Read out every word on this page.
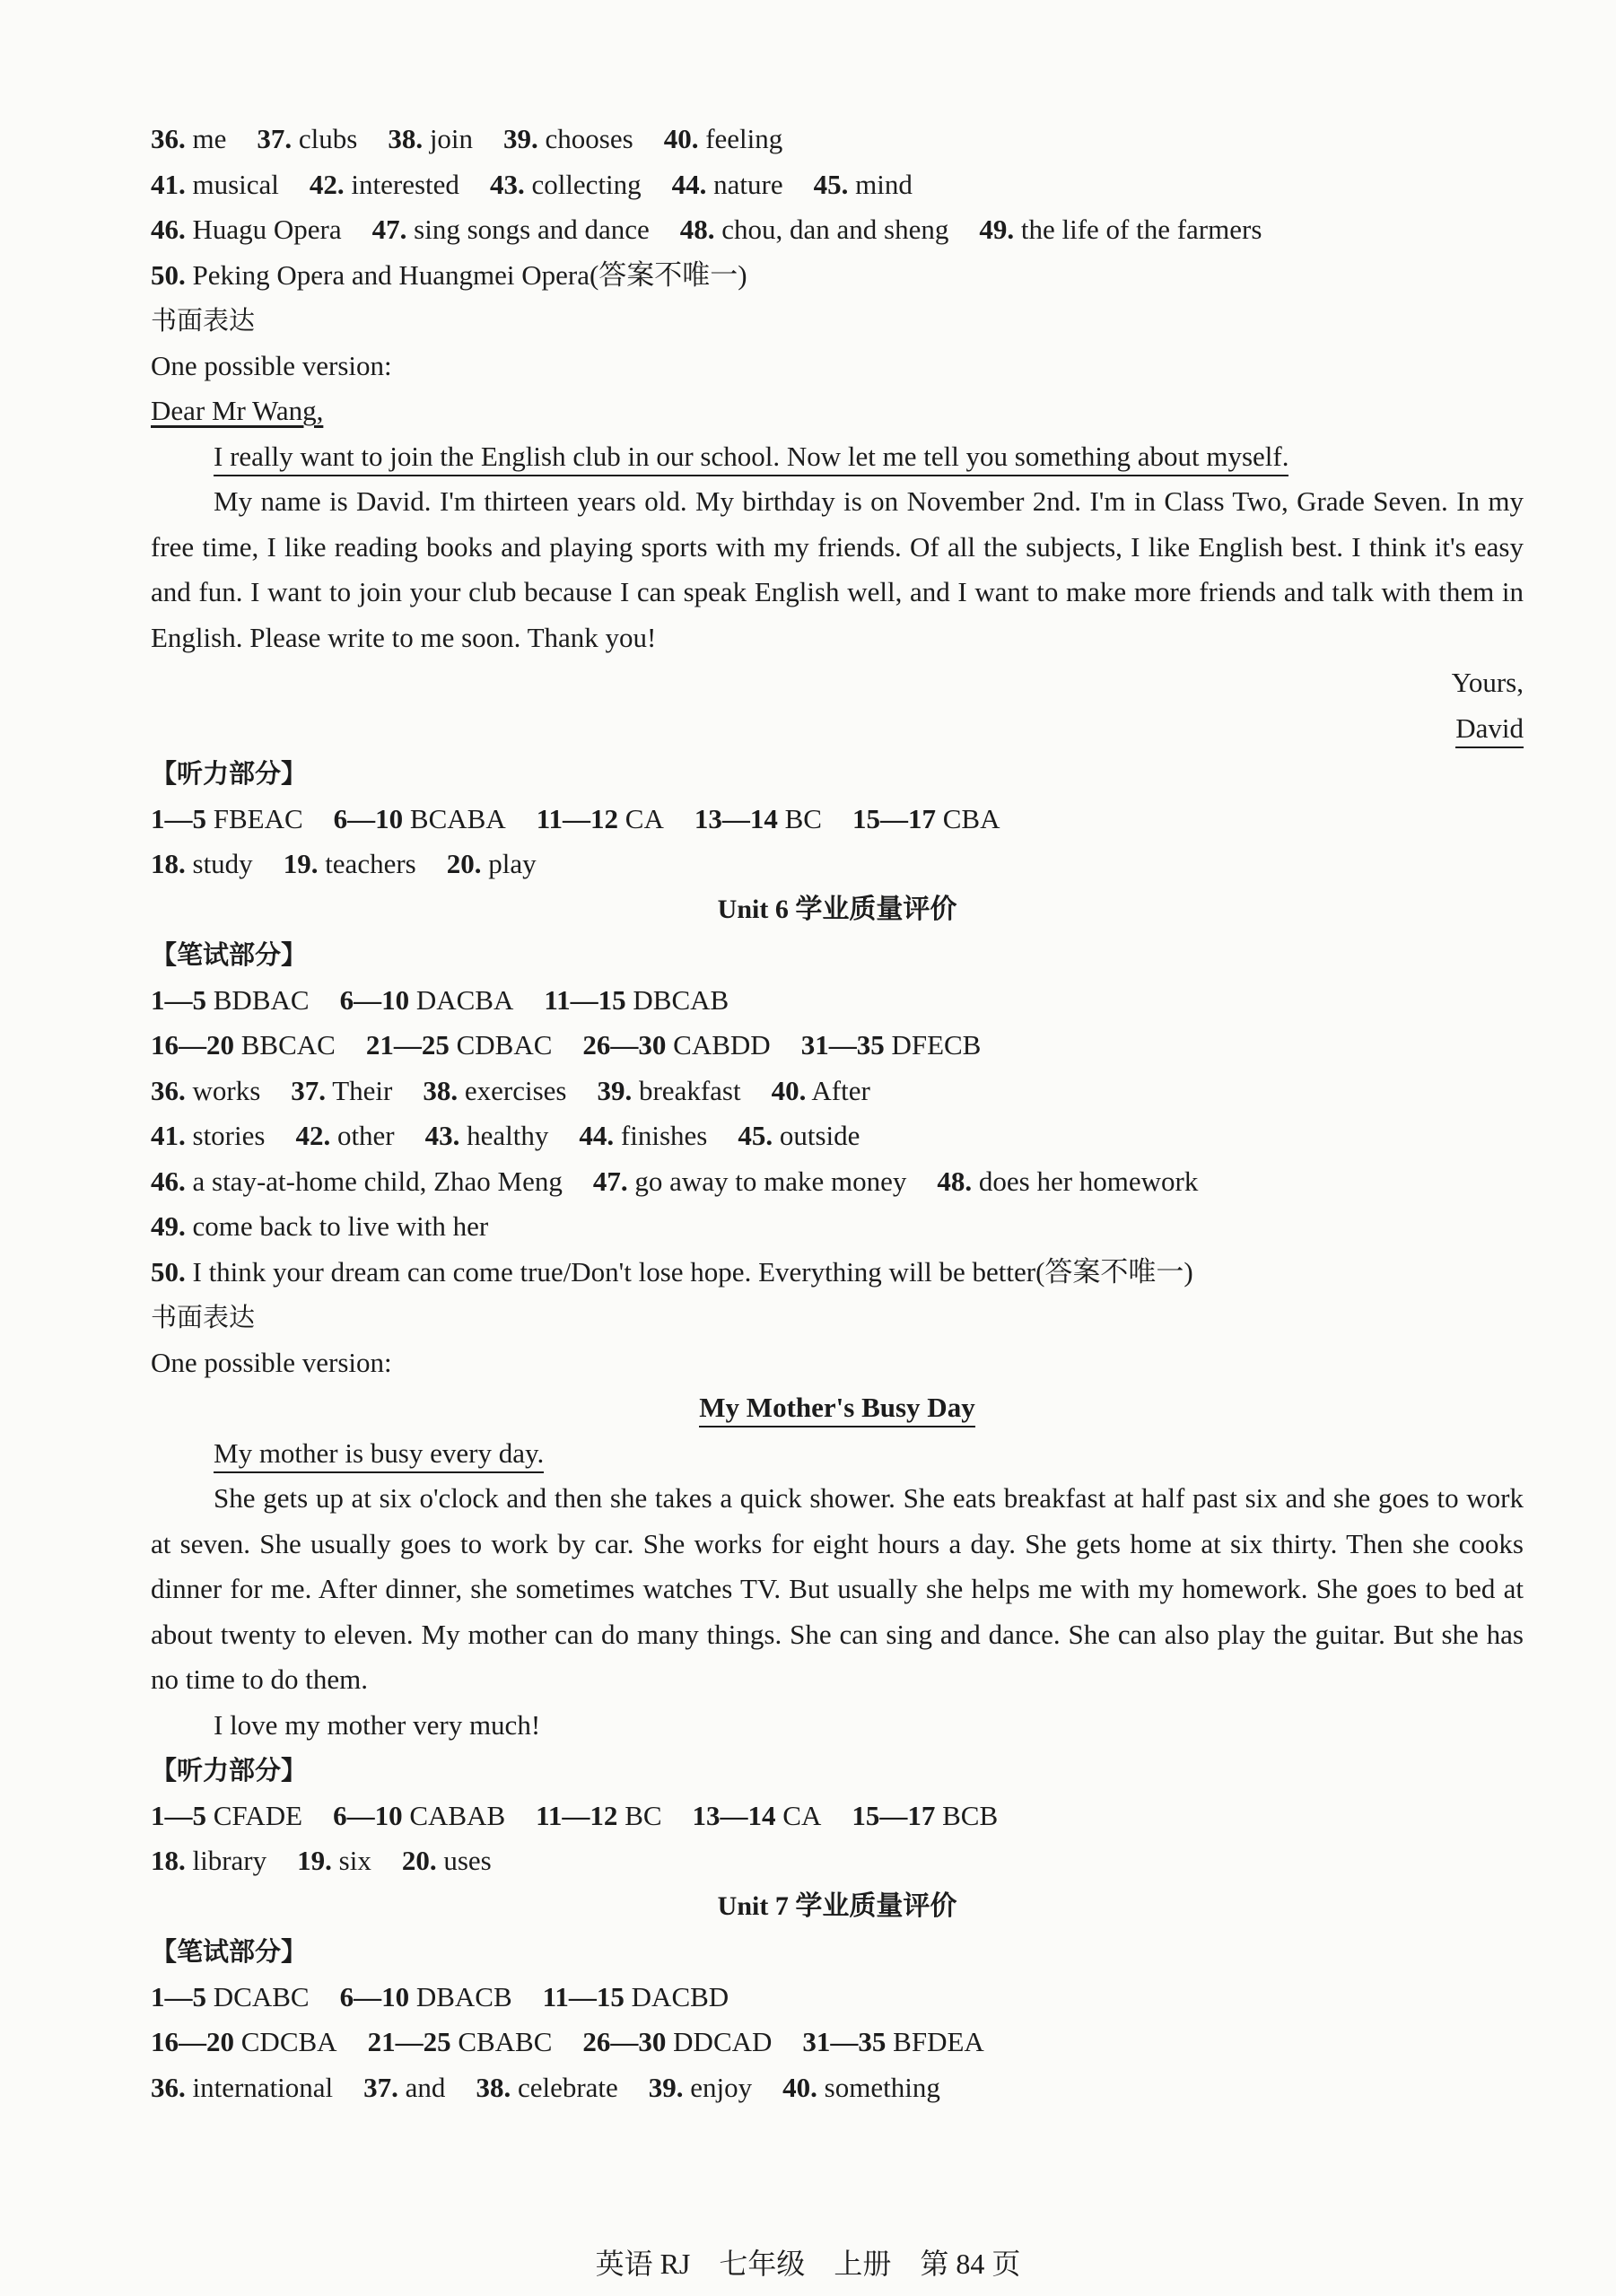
36. me 37. clubs 38. join 39. chooses 40. feeling
41. musical 42. interested 43. collecting 44. nature 45. mind
46. Huagu Opera 47. sing songs and dance 48. chou, dan and sheng 49. the life of the farmers
50. Peking Opera and Huangmei Opera(答案不唯一)
书面表达
One possible version:
Dear Mr Wang,
I really want to join the English club in our school. Now let me tell you something about myself.

My name is David. I'm thirteen years old. My birthday is on November 2nd. I'm in Class Two, Grade Seven. In my free time, I like reading books and playing sports with my friends. Of all the subjects, I like English best. I think it's easy and fun. I want to join your club because I can speak English well, and I want to make more friends and talk with them in English. Please write to me soon. Thank you!

Yours,
David
【听力部分】
1—5 FBEAC 6—10 BCABA 11—12 CA 13—14 BC 15—17 CBA
18. study 19. teachers 20. play
Unit 6 学业质量评价
【笔试部分】
1—5 BDBAC 6—10 DACBA 11—15 DBCAB
16—20 BBCAC 21—25 CDBAC 26—30 CABDD 31—35 DFECB
36. works 37. Their 38. exercises 39. breakfast 40. After
41. stories 42. other 43. healthy 44. finishes 45. outside
46. a stay-at-home child, Zhao Meng 47. go away to make money 48. does her homework
49. come back to live with her
50. I think your dream can come true/Don't lose hope. Everything will be better(答案不唯一)
书面表达
One possible version:
My Mother's Busy Day
My mother is busy every day.

She gets up at six o'clock and then she takes a quick shower. She eats breakfast at half past six and she goes to work at seven. She usually goes to work by car. She works for eight hours a day. She gets home at six thirty. Then she cooks dinner for me. After dinner, she sometimes watches TV. But usually she helps me with my homework. She goes to bed at about twenty to eleven. My mother can do many things. She can sing and dance. She can also play the guitar. But she has no time to do them.

I love my mother very much!
【听力部分】
1—5 CFADE 6—10 CABAB 11—12 BC 13—14 CA 15—17 BCB
18. library 19. six 20. uses
Unit 7 学业质量评价
【笔试部分】
1—5 DCABC 6—10 DBACB 11—15 DACBD
16—20 CDCBA 21—25 CBABC 26—30 DDCAD 31—35 BFDEA
36. international 37. and 38. celebrate 39. enjoy 40. something
英语 RJ 七年级 上册 第 84 页
